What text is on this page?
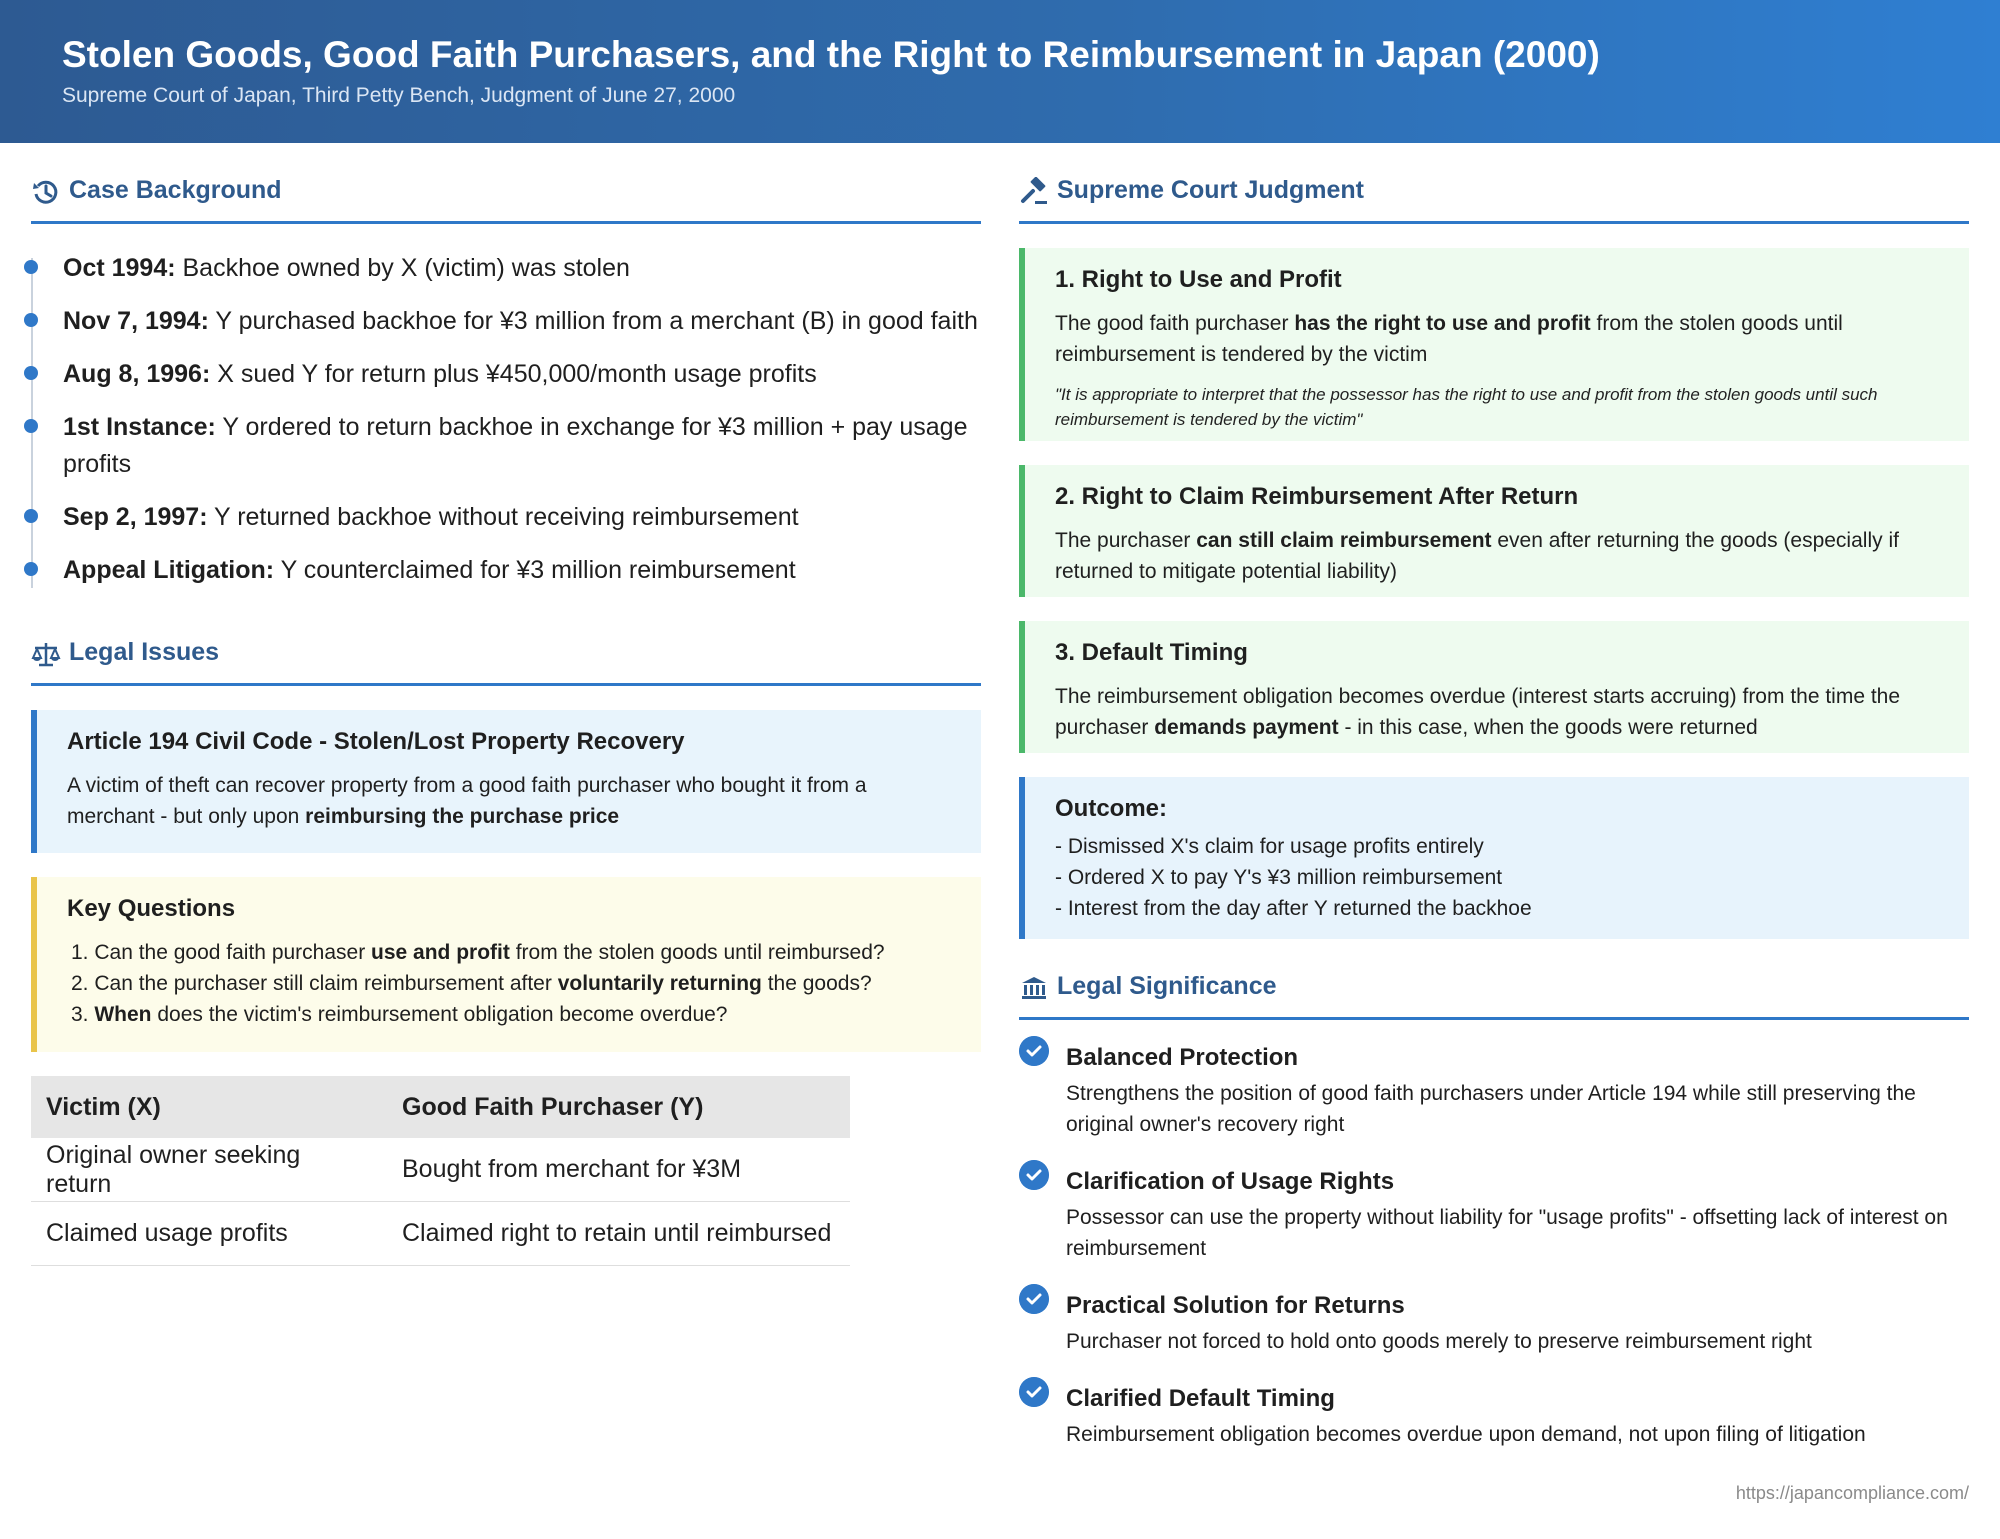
Stolen Goods, Good Faith Purchasers, and the Right to Reimbursement in Japan (2000)
Supreme Court of Japan, Third Petty Bench, Judgment of June 27, 2000
Case Background
Oct 1994: Backhoe owned by X (victim) was stolen
Nov 7, 1994: Y purchased backhoe for ¥3 million from a merchant (B) in good faith
Aug 8, 1996: X sued Y for return plus ¥450,000/month usage profits
1st Instance: Y ordered to return backhoe in exchange for ¥3 million + pay usage profits
Sep 2, 1997: Y returned backhoe without receiving reimbursement
Appeal Litigation: Y counterclaimed for ¥3 million reimbursement
Legal Issues
Article 194 Civil Code - Stolen/Lost Property Recovery
A victim of theft can recover property from a good faith purchaser who bought it from a merchant - but only upon reimbursing the purchase price
Key Questions
1. Can the good faith purchaser use and profit from the stolen goods until reimbursed?
2. Can the purchaser still claim reimbursement after voluntarily returning the goods?
3. When does the victim's reimbursement obligation become overdue?
Victim (X)	Good Faith Purchaser (Y)
Original owner seeking return	Bought from merchant for ¥3M
Claimed usage profits	Claimed right to retain until reimbursed
Supreme Court Judgment
1. Right to Use and Profit
The good faith purchaser has the right to use and profit from the stolen goods until reimbursement is tendered by the victim
"It is appropriate to interpret that the possessor has the right to use and profit from the stolen goods until such reimbursement is tendered by the victim"
2. Right to Claim Reimbursement After Return
The purchaser can still claim reimbursement even after returning the goods (especially if returned to mitigate potential liability)
3. Default Timing
The reimbursement obligation becomes overdue (interest starts accruing) from the time the purchaser demands payment - in this case, when the goods were returned
Outcome:
- Dismissed X's claim for usage profits entirely
- Ordered X to pay Y's ¥3 million reimbursement
- Interest from the day after Y returned the backhoe
Legal Significance
Balanced Protection
Strengthens the position of good faith purchasers under Article 194 while still preserving the original owner's recovery right
Clarification of Usage Rights
Possessor can use the property without liability for "usage profits" - offsetting lack of interest on reimbursement
Practical Solution for Returns
Purchaser not forced to hold onto goods merely to preserve reimbursement right
Clarified Default Timing
Reimbursement obligation becomes overdue upon demand, not upon filing of litigation
https://japancompliance.com/
